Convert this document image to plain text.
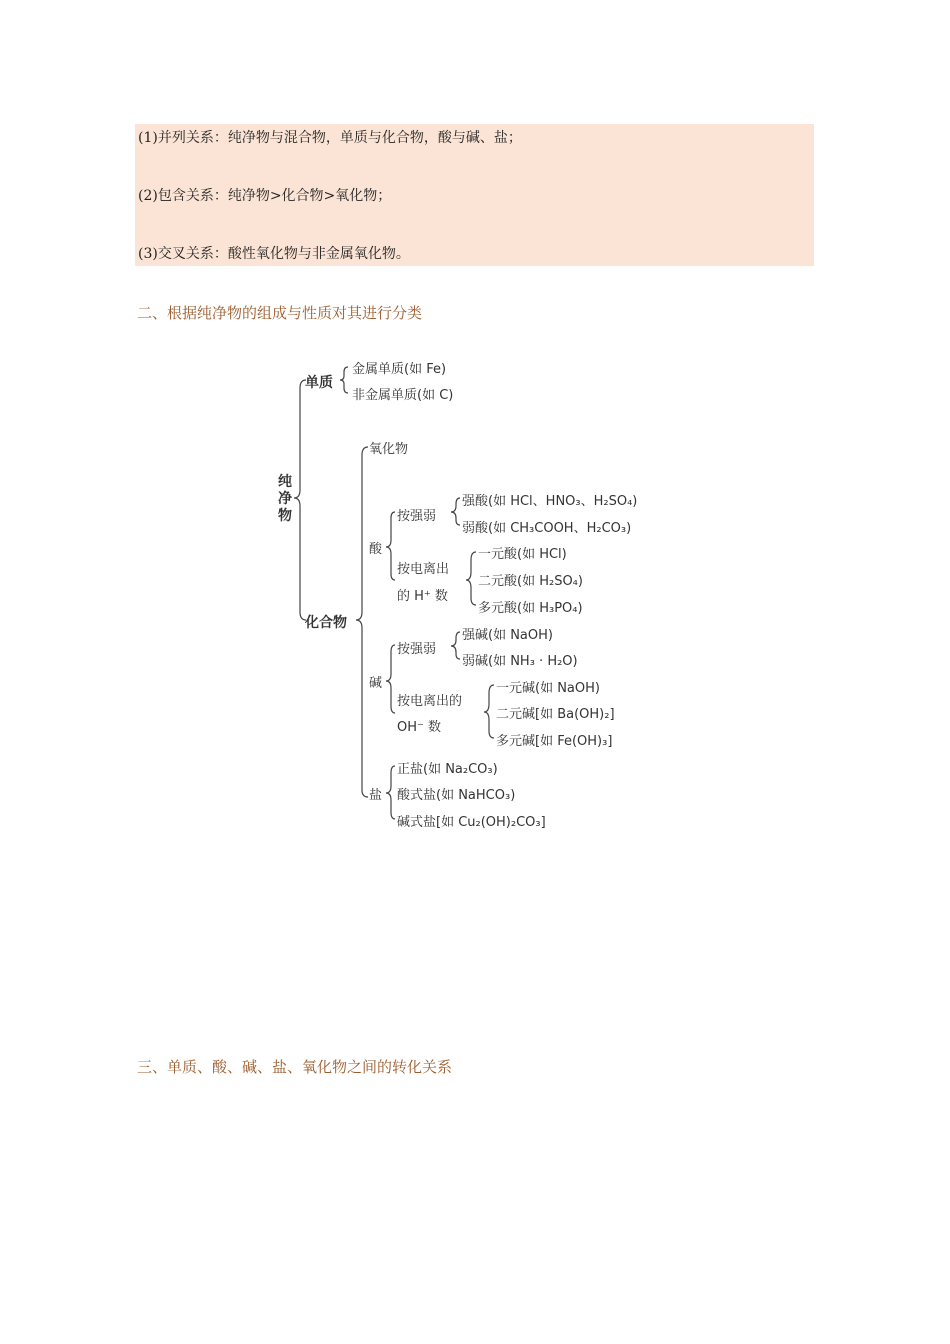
(1)并列关系：纯净物与混合物，单质与化合物，酸与碱、盐；
(2)包含关系：纯净物>化合物>氧化物；
(3)交叉关系：酸性氧化物与非金属氧化物。
二、根据纯净物的组成与性质对其进行分类
纯
净
物
单质
金属单质(如 Fe)
非金属单质(如 C)
化合物
氧化物
酸
按强弱
强酸(如 HCl、HNO₃、H₂SO₄)
弱酸(如 CH₃COOH、H₂CO₃)
按电离出
的 H⁺ 数
一元酸(如 HCl)
二元酸(如 H₂SO₄)
多元酸(如 H₃PO₄)
碱
按强弱
强碱(如 NaOH)
弱碱(如 NH₃ · H₂O)
按电离出的
OH⁻ 数
一元碱(如 NaOH)
二元碱[如 Ba(OH)₂]
多元碱[如 Fe(OH)₃]
盐
正盐(如 Na₂CO₃)
酸式盐(如 NaHCO₃)
碱式盐[如 Cu₂(OH)₂CO₃]
三、单质、酸、碱、盐、氧化物之间的转化关系
